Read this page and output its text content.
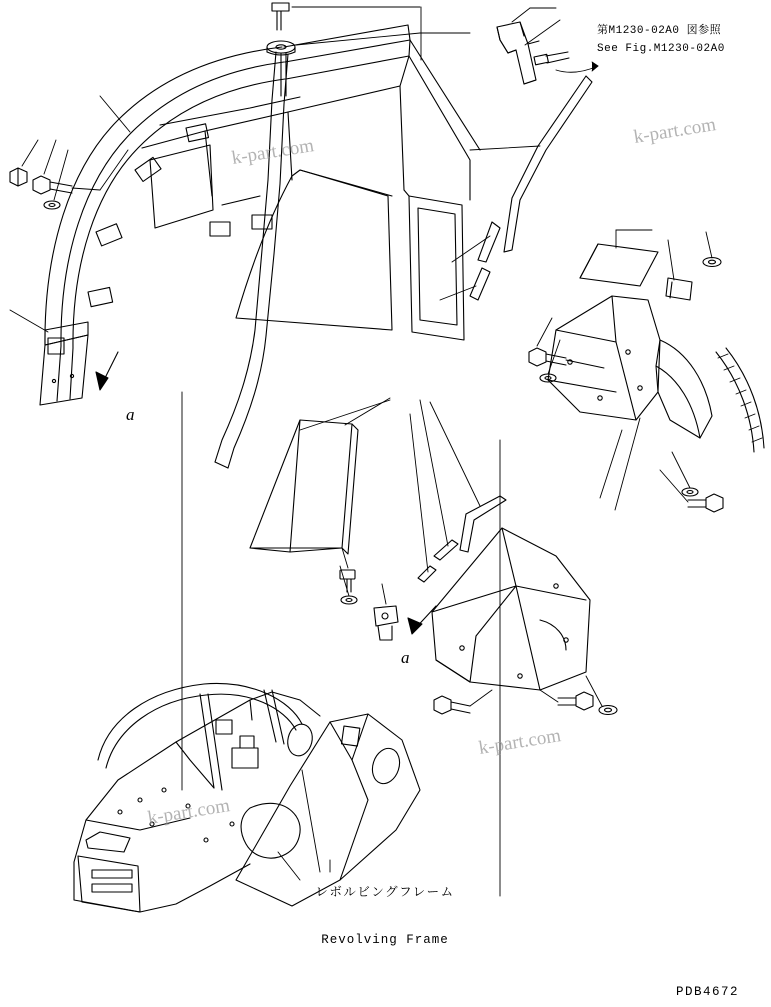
第M1230-02A0 図参照
See Fig.M1230-02A0
a
a

レボルビングフレーム

Revolving Frame

PDB4672
k-part.com
k-part.com
k-part.com
k-part.com
